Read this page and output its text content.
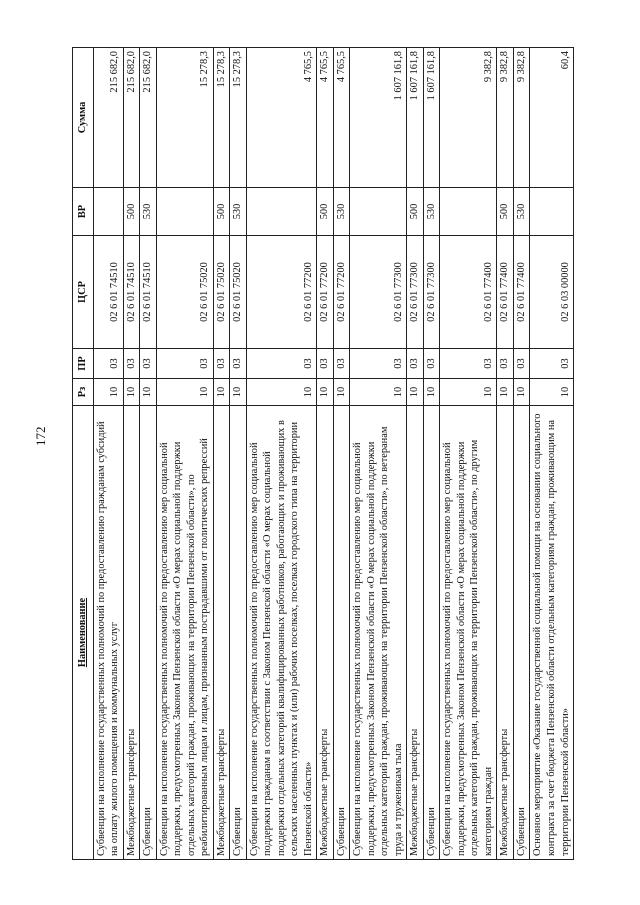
172
Наименование	Рз	ПР	ЦСР	ВР	Сумма
Субвенции на исполнение государственных полномочий по предоставлению гражданам субсидий на оплату жилого помещения и коммунальных услуг	10	03	02 6 01 74510		215 682,0
Межбюджетные трансферты	10	03	02 6 01 74510	500	215 682,0
Субвенции	10	03	02 6 01 74510	530	215 682,0
Субвенции на исполнение государственных полномочий по предоставлению мер социальной поддержки, предусмотренных Законом Пензенской области «О мерах социальной поддержки отдельных категорий граждан, проживающих на территории Пензенской области», по реабилитированным лицам и лицам, признанным пострадавшими от политических репрессий	10	03	02 6 01 75020		15 278,3
Межбюджетные трансферты	10	03	02 6 01 75020	500	15 278,3
Субвенции	10	03	02 6 01 75020	530	15 278,3
Субвенции на исполнение государственных полномочий по предоставлению мер социальной поддержки гражданам в соответствии с Законом Пензенской области «О мерах социальной поддержки отдельных категорий квалифицированных работников, работающих и проживающих в сельских населенных пунктах и (или) рабочих поселках, поселках городского типа на территории Пензенской области»	10	03	02 6 01 77200		4 765,5
Межбюджетные трансферты	10	03	02 6 01 77200	500	4 765,5
Субвенции	10	03	02 6 01 77200	530	4 765,5
Субвенции на исполнение государственных полномочий по предоставлению мер социальной поддержки, предусмотренных Законом Пензенской области «О мерах социальной поддержки отдельных категорий граждан, проживающих на территории Пензенской области», по ветеранам труда и труженикам тыла	10	03	02 6 01 77300		1 607 161,8
Межбюджетные трансферты	10	03	02 6 01 77300	500	1 607 161,8
Субвенции	10	03	02 6 01 77300	530	1 607 161,8
Субвенции на исполнение государственных полномочий по предоставлению мер социальной поддержки, предусмотренных Законом Пензенской области «О мерах социальной поддержки отдельных категорий граждан, проживающих на территории Пензенской области», по другим категориям граждан	10	03	02 6 01 77400		9 382,8
Межбюджетные трансферты	10	03	02 6 01 77400	500	9 382,8
Субвенции	10	03	02 6 01 77400	530	9 382,8
Основное мероприятие «Оказание государственной социальной помощи на основании социального контракта за счет бюджета Пензенской области отдельным категориям граждан, проживающим на территории Пензенской области»	10	03	02 6 03 00000		60,4
